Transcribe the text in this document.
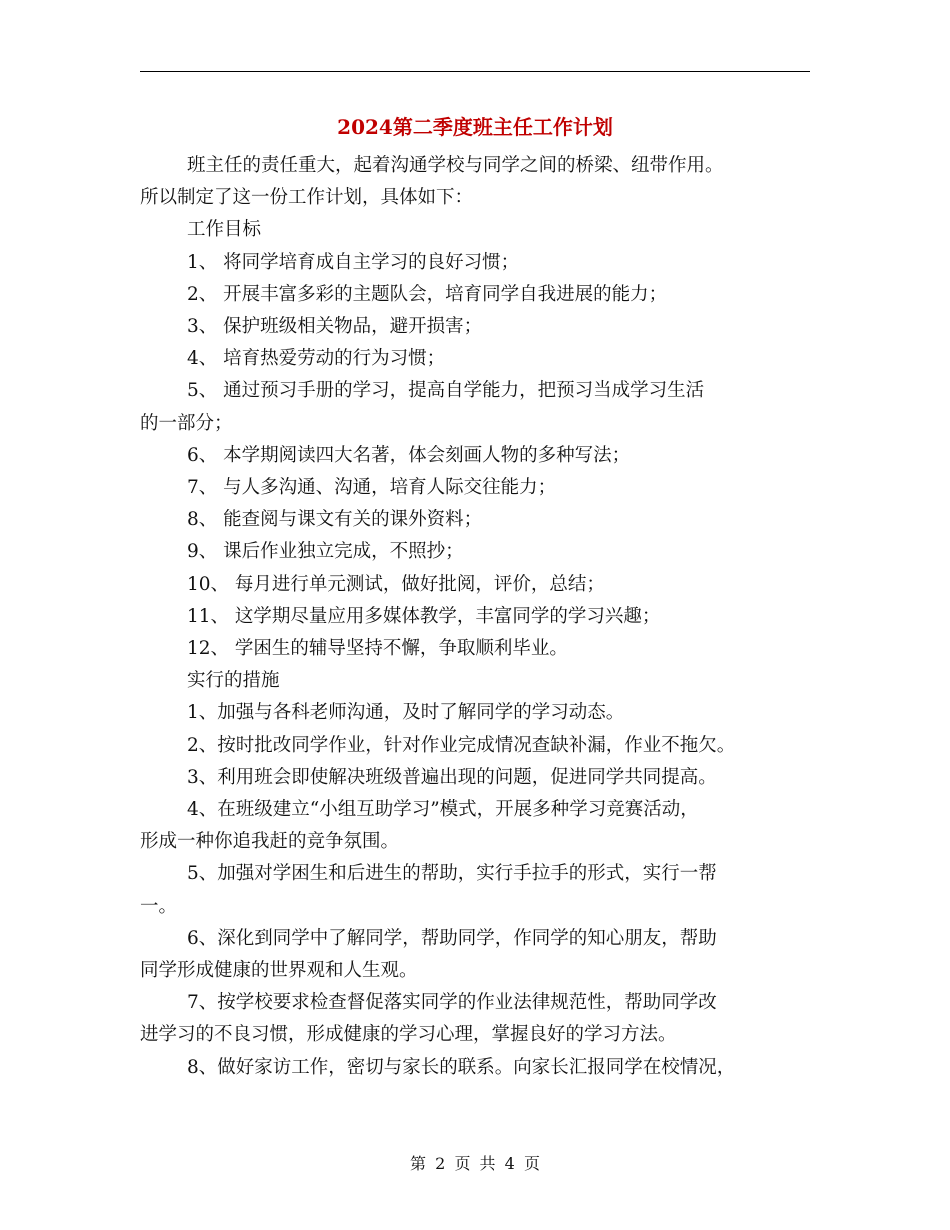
2024第二季度班主任工作计划

班主任的责任重大，起着沟通学校与同学之间的桥梁、纽带作用。

所以制定了这一份工作计划，具体如下：

工作目标

1、 将同学培育成自主学习的良好习惯；

2、 开展丰富多彩的主题队会，培育同学自我进展的能力；

3、 保护班级相关物品，避开损害；

4、 培育热爱劳动的行为习惯；

5、 通过预习手册的学习，提高自学能力，把预习当成学习生活

的一部分；

6、 本学期阅读四大名著，体会刻画人物的多种写法；

7、 与人多沟通、沟通，培育人际交往能力；

8、 能查阅与课文有关的课外资料；

9、 课后作业独立完成，不照抄；

10、 每月进行单元测试，做好批阅，评价，总结；

11、 这学期尽量应用多媒体教学，丰富同学的学习兴趣；

12、 学困生的辅导坚持不懈，争取顺利毕业。

实行的措施

1、加强与各科老师沟通，及时了解同学的学习动态。

2、按时批改同学作业，针对作业完成情况查缺补漏，作业不拖欠。

3、利用班会即使解决班级普遍出现的问题，促进同学共同提高。

4、在班级建立“小组互助学习”模式，开展多种学习竞赛活动，

形成一种你追我赶的竞争氛围。

5、加强对学困生和后进生的帮助，实行手拉手的形式，实行一帮

一。

6、深化到同学中了解同学，帮助同学，作同学的知心朋友，帮助

同学形成健康的世界观和人生观。

7、按学校要求检查督促落实同学的作业法律规范性，帮助同学改

进学习的不良习惯，形成健康的学习心理，掌握良好的学习方法。

8、做好家访工作，密切与家长的联系。向家长汇报同学在校情况，

第 2 页 共 4 页
